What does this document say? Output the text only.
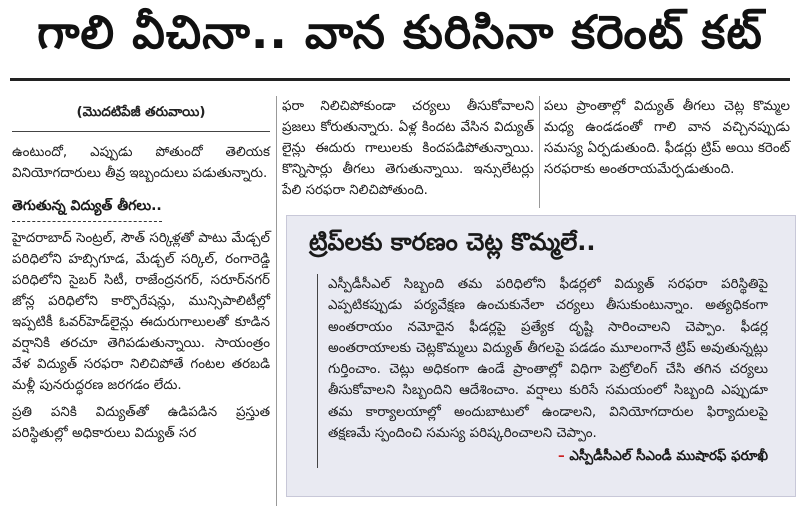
గాలి వీచినా.. వాన కురిసినా కరెంట్‌ కట్‌
(మొదటిపేజీ తరువాయి)

ఉంటుందో, ఎప్పుడు పోతుందో తెలియక వినియోగదారులు తీవ్ర ఇబ్బందులు పడుతున్నారు.

తెగుతున్న విద్యుత్‌ తీగలు..

హైదరాబాద్‌ సెంట్రల్‌, సౌత్‌ సర్కిళ్లతో పాటు మేడ్చల్‌ పరిధిలోని హబ్సిగూడ, మేడ్చల్‌ సర్కిల్‌, రంగారెడ్డి పరిధిలోని సైబర్‌ సిటీ, రాజేంద్రనగర్‌, సరూర్‌నగర్‌ జోన్ల పరిధిలోని కార్పొరేషన్లు, మున్సిపాలిటీల్లో ఇప్పటికీ ఓవర్‌హెడ్‌లైన్లు ఈదురుగాలులతో కూడిన వర్షానికి తరచూ తెగిపడుతున్నాయి. సాయంత్రం వేళ విద్యుత్‌ సరఫరా నిలిచిపోతే గంటల తరబడి మళ్లీ పునరుద్ధరణ జరగడం లేదు.

ప్రతి పనికి విద్యుత్‌తో ఉడిపడిన ప్రస్తుత పరిస్థితుల్లో అధికారులు విద్యుత్‌ సర

ఫరా నిలిచిపోకుండా చర్యలు తీసుకోవాలని ప్రజలు కోరుతున్నారు. ఏళ్ల కిందట వేసిన విద్యుత్‌ లైన్లు ఈదురు గాలులకు కిందపడిపోతున్నాయి. కొన్నిసార్లు తీగలు తెగుతున్నాయి. ఇన్సులేటర్లు పేలి సరఫరా నిలిచిపోతుంది.

పలు ప్రాంతాల్లో విద్యుత్‌ తీగలు చెట్ల కొమ్మల మధ్య ఉండడంతో గాలి వాన వచ్చినప్పుడు సమస్య ఏర్పడుతుంది. ఫీడర్లు ట్రిప్‌ అయి కరెంట్‌ సరఫరాకు అంతరాయమేర్పడుతుంది.

ట్రిప్‌లకు కారణం చెట్ల కొమ్మలే..
ఎస్పీడీసీఎల్‌ సిబ్బంది తమ పరిధిలోని ఫీడర్లలో విద్యుత్‌ సరఫరా పరిస్థితిపై ఎప్పటికప్పుడు పర్యవేక్షణ ఉంచుకునేలా చర్యలు తీసుకుంటున్నాం. అత్యధికంగా అంతరాయం నమోదైన ఫీడర్లపై ప్రత్యేక దృష్టి సారించాలని చెప్పాం. ఫీడర్ల అంతరాయాలకు చెట్లకొమ్మలు విద్యుత్‌ తీగలపై పడడం మూలంగానే ట్రిప్‌ అవుతున్నట్లు గుర్తించాం. చెట్లు అధికంగా ఉండే ప్రాంతాల్లో విధిగా పెట్రోలింగ్‌ చేసి తగిన చర్యలు తీసుకోవాలని సిబ్బందిని ఆదేశించాం. వర్షాలు కురిసే సమయంలో సిబ్బంది ఎప్పుడూ తమ కార్యాలయాల్లో అందుబాటులో ఉండాలని, వినియోగదారుల ఫిర్యాదులపై తక్షణమే స్పందించి సమస్య పరిష్కరించాలని చెప్పాం.
– ఎస్పీడీసీఎల్‌ సీఎండీ ముషారఫ్‌ ఫరూఖీ
